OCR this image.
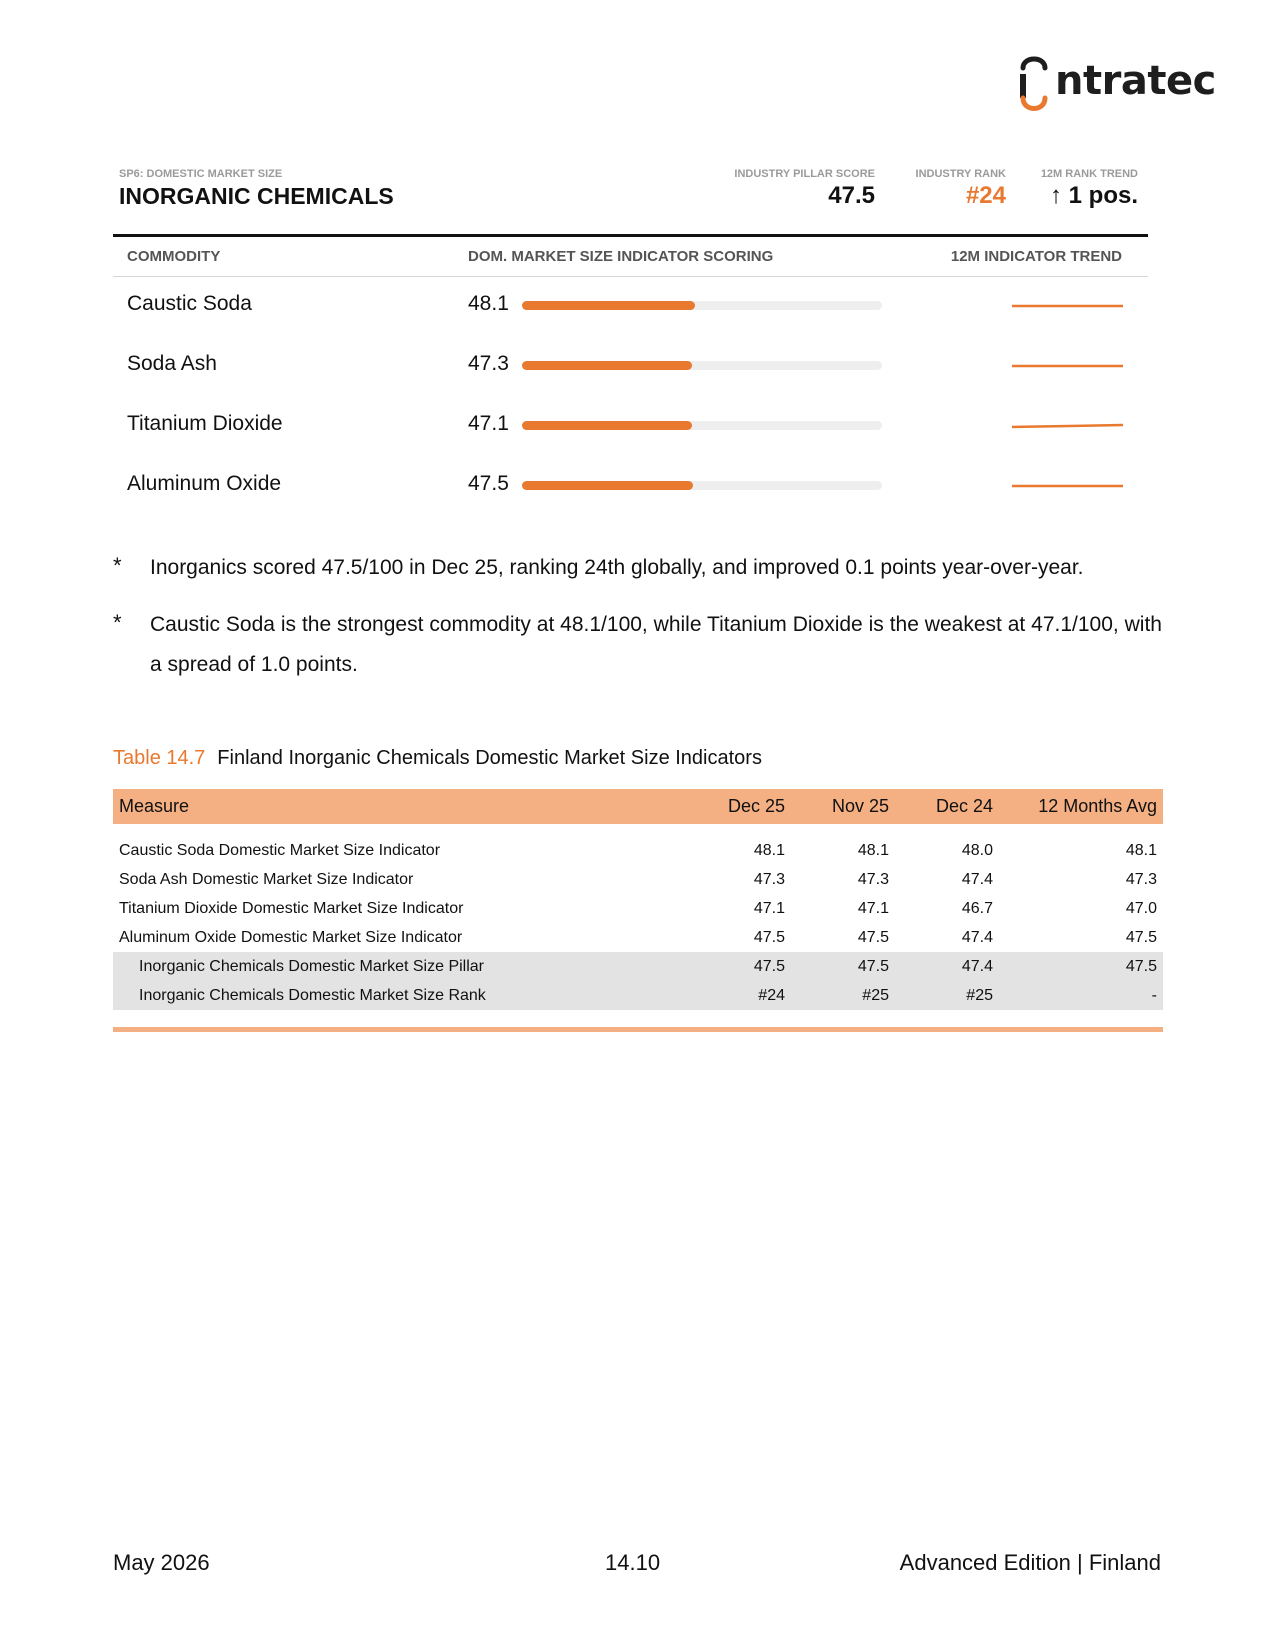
ntratec
SP6: DOMESTIC MARKET SIZE
INORGANIC CHEMICALS
INDUSTRY PILLAR SCORE
47.5
INDUSTRY RANK
#24
12M RANK TREND
↑ 1 pos.
COMMODITY	DOM. MARKET SIZE INDICATOR SCORING	12M INDICATOR TREND
Caustic Soda	48.1
Soda Ash	47.3
Titanium Dioxide	47.1
Aluminum Oxide	47.5
* Inorganics scored 47.5/100 in Dec 25, ranking 24th globally, and improved 0.1 points year-over-year.
* Caustic Soda is the strongest commodity at 48.1/100, while Titanium Dioxide is the weakest at 47.1/100, with a spread of 1.0 points.
Table 14.7 Finland Inorganic Chemicals Domestic Market Size Indicators
Measure	Dec 25	Nov 25	Dec 24	12 Months Avg

Caustic Soda Domestic Market Size Indicator	48.1	48.1	48.0	48.1
Soda Ash Domestic Market Size Indicator	47.3	47.3	47.4	47.3
Titanium Dioxide Domestic Market Size Indicator	47.1	47.1	46.7	47.0
Aluminum Oxide Domestic Market Size Indicator	47.5	47.5	47.4	47.5
Inorganic Chemicals Domestic Market Size Pillar	47.5	47.5	47.4	47.5
Inorganic Chemicals Domestic Market Size Rank	#24	#25	#25	-
May 2026	14.10	Advanced Edition | Finland
